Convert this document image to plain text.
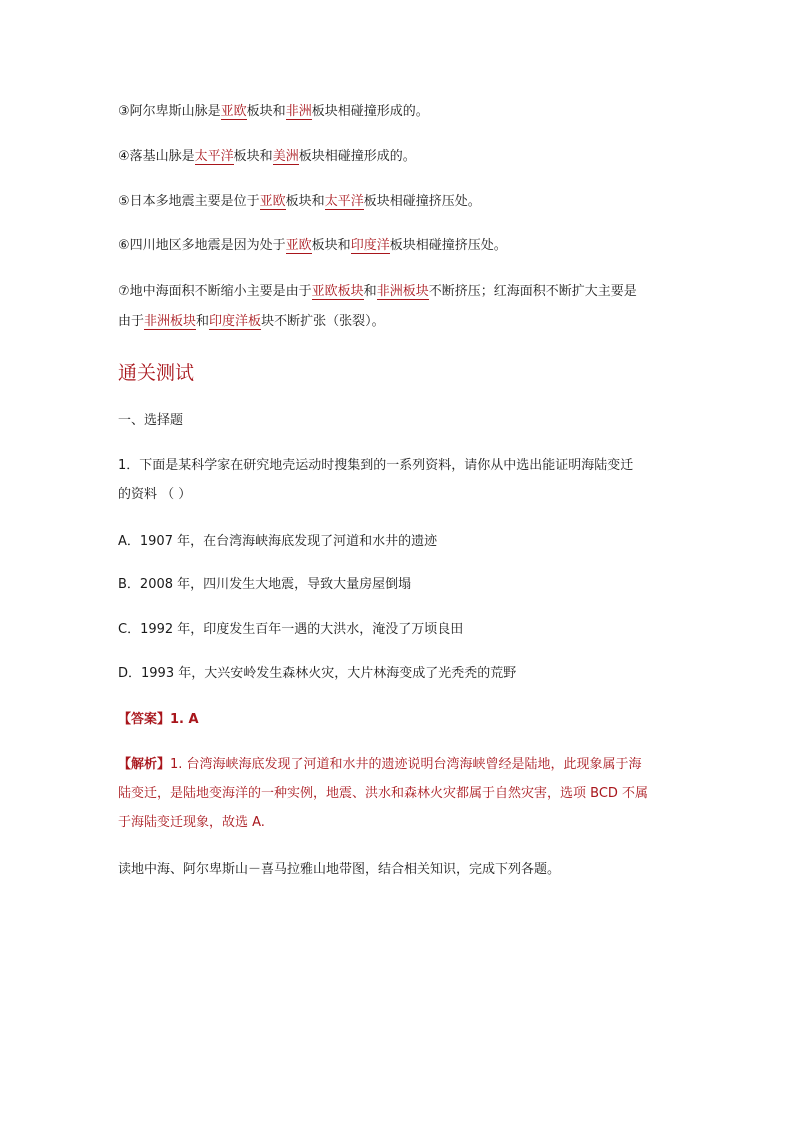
③阿尔卑斯山脉是亚欧板块和非洲板块相碰撞形成的。
④落基山脉是太平洋板块和美洲板块相碰撞形成的。
⑤日本多地震主要是位于亚欧板块和太平洋板块相碰撞挤压处。
⑥四川地区多地震是因为处于亚欧板块和印度洋板块相碰撞挤压处。
⑦地中海面积不断缩小主要是由于亚欧板块和非洲板块不断挤压；红海面积不断扩大主要是
由于非洲板块和印度洋板块不断扩张（张裂）。
通关测试
一、选择题
1．下面是某科学家在研究地壳运动时搜集到的一系列资料，请你从中选出能证明海陆变迁
的资料 （ ）
A．1907 年，在台湾海峡海底发现了河道和水井的遗迹
B．2008 年，四川发生大地震，导致大量房屋倒塌
C．1992 年，印度发生百年一遇的大洪水，淹没了万顷良田
D．1993 年，大兴安岭发生森林火灾，大片林海变成了光秃秃的荒野
【答案】1. A
【解析】1. 台湾海峡海底发现了河道和水井的遗迹说明台湾海峡曾经是陆地，此现象属于海
陆变迁，是陆地变海洋的一种实例，地震、洪水和森林火灾都属于自然灾害，选项 BCD 不属
于海陆变迁现象，故选 A.
读地中海、阿尔卑斯山－喜马拉雅山地带图，结合相关知识，完成下列各题。
